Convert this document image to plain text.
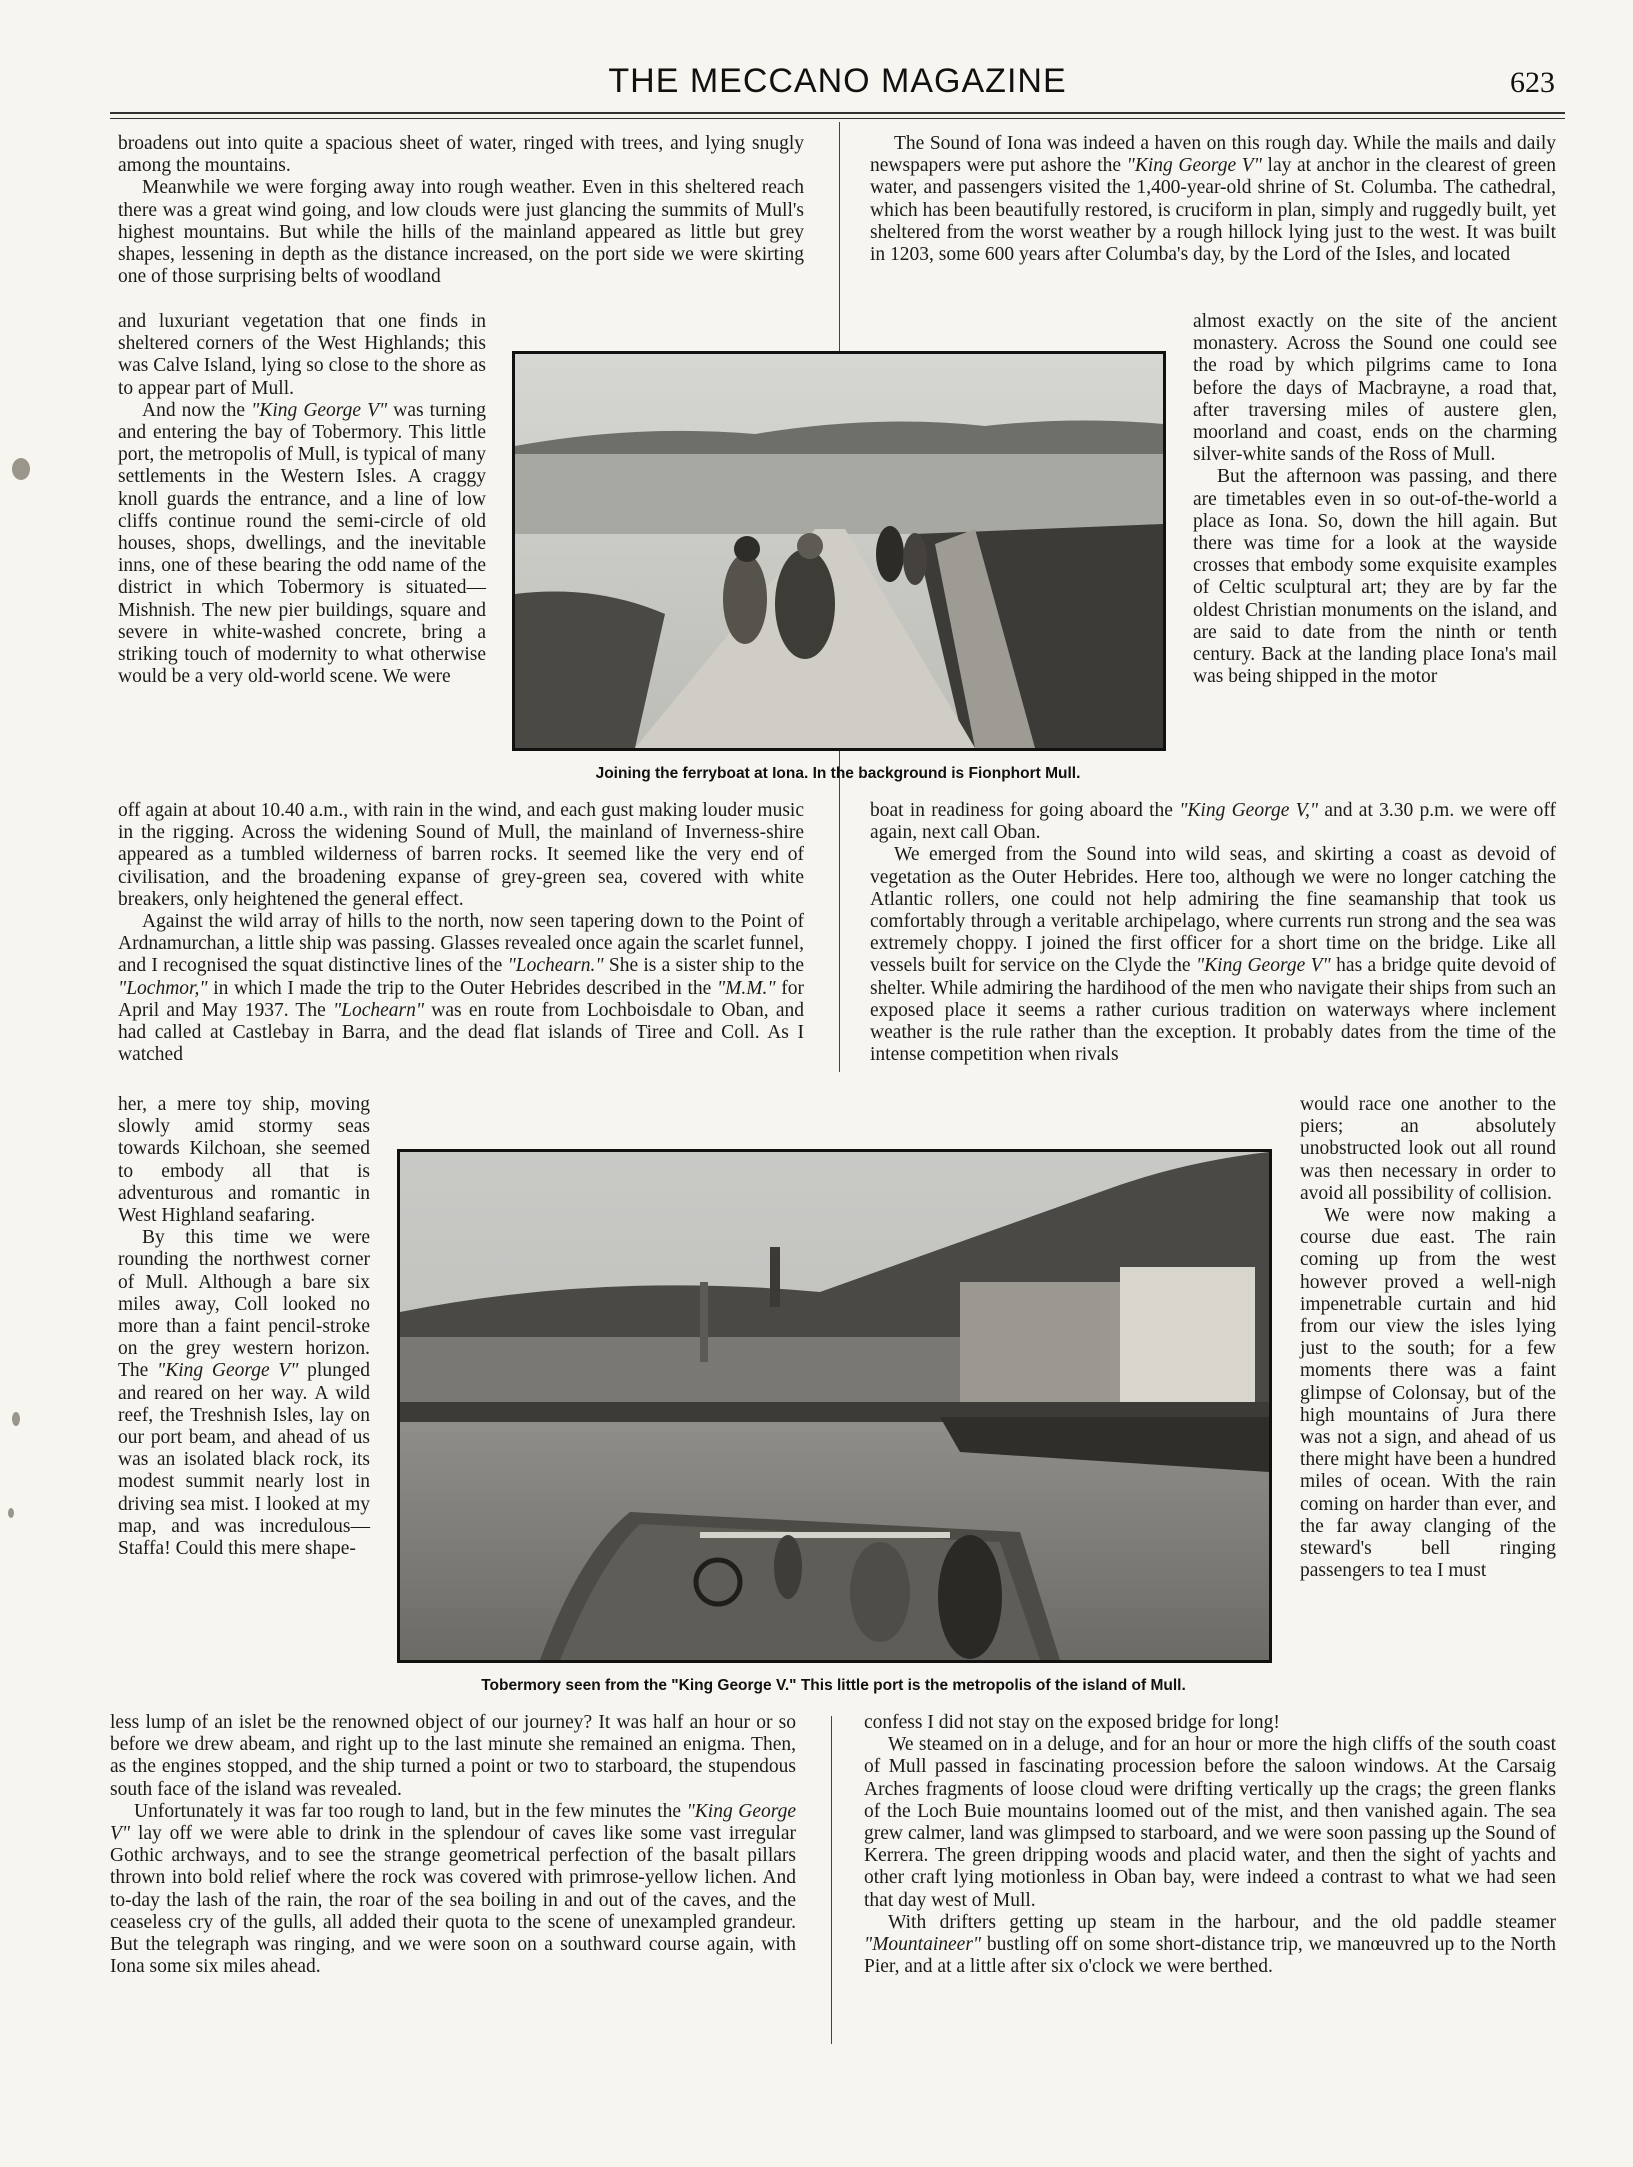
THE MECCANO MAGAZINE	623

broadens out into quite a spacious sheet of water, ringed with trees, and lying snugly among the mountains.

Meanwhile we were forging away into rough weather. Even in this sheltered reach there was a great wind going, and low clouds were just glancing the summits of Mull's highest mountains. But while the hills of the mainland appeared as little but grey shapes, lessening in depth as the distance increased, on the port side we were skirting one of those surprising belts of woodland

and luxuriant vegetation that one finds in sheltered corners of the West Highlands; this was Calve Island, lying so close to the shore as to appear part of Mull.

And now the "King George V" was turning and entering the bay of Tobermory. This little port, the metropolis of Mull, is typical of many settlements in the Western Isles. A craggy knoll guards the entrance, and a line of low cliffs continue round the semi-circle of old houses, shops, dwellings, and the inevitable inns, one of these bearing the odd name of the district in which Tobermory is situated—Mishnish. The new pier buildings, square and severe in white-washed concrete, bring a striking touch of modernity to what otherwise would be a very old-world scene. We were

Joining the ferryboat at Iona. In the background is Fionphort Mull.

The Sound of Iona was indeed a haven on this rough day. While the mails and daily newspapers were put ashore the "King George V" lay at anchor in the clearest of green water, and passengers visited the 1,400-year-old shrine of St. Columba. The cathedral, which has been beautifully restored, is cruciform in plan, simply and ruggedly built, yet sheltered from the worst weather by a rough hillock lying just to the west. It was built in 1203, some 600 years after Columba's day, by the Lord of the Isles, and located

almost exactly on the site of the ancient monastery. Across the Sound one could see the road by which pilgrims came to Iona before the days of Macbrayne, a road that, after traversing miles of austere glen, moorland and coast, ends on the charming silver-white sands of the Ross of Mull.

But the afternoon was passing, and there are timetables even in so out-of-the-world a place as Iona. So, down the hill again. But there was time for a look at the wayside crosses that embody some exquisite examples of Celtic sculptural art; they are by far the oldest Christian monuments on the island, and are said to date from the ninth or tenth century. Back at the landing place Iona's mail was being shipped in the motor

off again at about 10.40 a.m., with rain in the wind, and each gust making louder music in the rigging. Across the widening Sound of Mull, the mainland of Inverness-shire appeared as a tumbled wilderness of barren rocks. It seemed like the very end of civilisation, and the broadening expanse of grey-green sea, covered with white breakers, only heightened the general effect.

Against the wild array of hills to the north, now seen tapering down to the Point of Ardnamurchan, a little ship was passing. Glasses revealed once again the scarlet funnel, and I recognised the squat distinctive lines of the "Lochearn." She is a sister ship to the "Lochmor," in which I made the trip to the Outer Hebrides described in the "M.M." for April and May 1937. The "Lochearn" was en route from Lochboisdale to Oban, and had called at Castlebay in Barra, and the dead flat islands of Tiree and Coll. As I watched

boat in readiness for going aboard the "King George V," and at 3.30 p.m. we were off again, next call Oban.

We emerged from the Sound into wild seas, and skirting a coast as devoid of vegetation as the Outer Hebrides. Here too, although we were no longer catching the Atlantic rollers, one could not help admiring the fine seamanship that took us comfortably through a veritable archipelago, where currents run strong and the sea was extremely choppy. I joined the first officer for a short time on the bridge. Like all vessels built for service on the Clyde the "King George V" has a bridge quite devoid of shelter. While admiring the hardihood of the men who navigate their ships from such an exposed place it seems a rather curious tradition on waterways where inclement weather is the rule rather than the exception. It probably dates from the time of the intense competition when rivals

her, a mere toy ship, moving slowly amid stormy seas towards Kilchoan, she seemed to embody all that is adventurous and romantic in West Highland seafaring.

By this time we were rounding the northwest corner of Mull. Although a bare six miles away, Coll looked no more than a faint pencil-stroke on the grey western horizon. The "King George V" plunged and reared on her way. A wild reef, the Treshnish Isles, lay on our port beam, and ahead of us was an isolated black rock, its modest summit nearly lost in driving sea mist. I looked at my map, and was incredulous—Staffa! Could this mere shape-

Tobermory seen from the "King George V." This little port is the metropolis of the island of Mull.

would race one another to the piers; an absolutely unobstructed look out all round was then necessary in order to avoid all possibility of collision.

We were now making a course due east. The rain coming up from the west however proved a well-nigh impenetrable curtain and hid from our view the isles lying just to the south; for a few moments there was a faint glimpse of Colonsay, but of the high mountains of Jura there was not a sign, and ahead of us there might have been a hundred miles of ocean. With the rain coming on harder than ever, and the far away clanging of the steward's bell ringing passengers to tea I must

less lump of an islet be the renowned object of our journey? It was half an hour or so before we drew abeam, and right up to the last minute she remained an enigma. Then, as the engines stopped, and the ship turned a point or two to starboard, the stupendous south face of the island was revealed.

Unfortunately it was far too rough to land, but in the few minutes the "King George V" lay off we were able to drink in the splendour of caves like some vast irregular Gothic archways, and to see the strange geometrical perfection of the basalt pillars thrown into bold relief where the rock was covered with primrose-yellow lichen. And to-day the lash of the rain, the roar of the sea boiling in and out of the caves, and the ceaseless cry of the gulls, all added their quota to the scene of unexampled grandeur. But the telegraph was ringing, and we were soon on a southward course again, with Iona some six miles ahead.

confess I did not stay on the exposed bridge for long!

We steamed on in a deluge, and for an hour or more the high cliffs of the south coast of Mull passed in fascinating procession before the saloon windows. At the Carsaig Arches fragments of loose cloud were drifting vertically up the crags; the green flanks of the Loch Buie mountains loomed out of the mist, and then vanished again. The sea grew calmer, land was glimpsed to starboard, and we were soon passing up the Sound of Kerrera. The green dripping woods and placid water, and then the sight of yachts and other craft lying motionless in Oban bay, were indeed a contrast to what we had seen that day west of Mull.

With drifters getting up steam in the harbour, and the old paddle steamer "Mountaineer" bustling off on some short-distance trip, we manœuvred up to the North Pier, and at a little after six o'clock we were berthed.
